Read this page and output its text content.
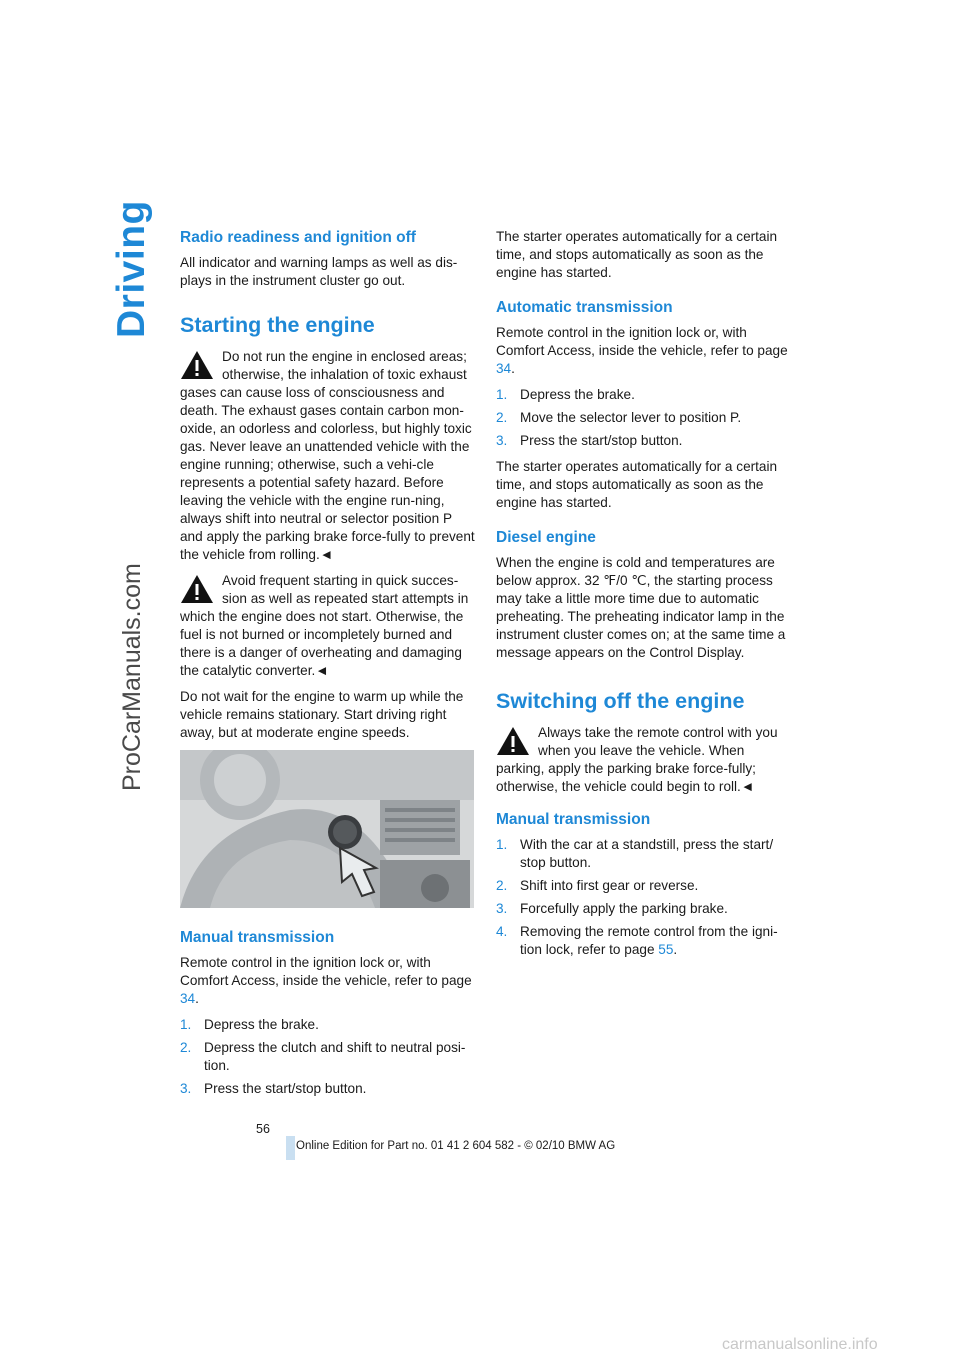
Driving
ProCarManuals.com
Radio readiness and ignition off

All indicator and warning lamps as well as dis-plays in the instrument cluster go out.

Starting the engine

Do not run the engine in enclosed areas; otherwise, the inhalation of toxic exhaust gases can cause loss of consciousness and death. The exhaust gases contain carbon mon-oxide, an odorless and colorless, but highly toxic gas. Never leave an unattended vehicle with the engine running; otherwise, such a vehi-cle represents a potential safety hazard. Before leaving the vehicle with the engine run-ning, always shift into neutral or selector position P and apply the parking brake force-fully to prevent the vehicle from rolling.◄

Avoid frequent starting in quick succes-sion as well as repeated start attempts in which the engine does not start. Otherwise, the fuel is not burned or incompletely burned and there is a danger of overheating and damaging the catalytic converter.◄

Do not wait for the engine to warm up while the vehicle remains stationary. Start driving right away, but at moderate engine speeds.

Manual transmission

Remote control in the ignition lock or, with Comfort Access, inside the vehicle, refer to page 34.

1. Depress the brake.
2. Depress the clutch and shift to neutral posi-tion.
3. Press the start/stop button.

The starter operates automatically for a certain time, and stops automatically as soon as the engine has started.

Automatic transmission

Remote control in the ignition lock or, with Comfort Access, inside the vehicle, refer to page 34.

1. Depress the brake.
2. Move the selector lever to position P.
3. Press the start/stop button.

The starter operates automatically for a certain time, and stops automatically as soon as the engine has started.

Diesel engine

When the engine is cold and temperatures are below approx. 32 ℉/0 ℃, the starting process may take a little more time due to automatic preheating. The preheating indicator lamp in the instrument cluster comes on; at the same time a message appears on the Control Display.

Switching off the engine

Always take the remote control with you when you leave the vehicle. When parking, apply the parking brake force-fully; otherwise, the vehicle could begin to roll.◄

Manual transmission
1. With the car at a standstill, press the start/ stop button.
2. Shift into first gear or reverse.
3. Forcefully apply the parking brake.
4. Removing the remote control from the igni-tion lock, refer to page 55.
56
Online Edition for Part no. 01 41 2 604 582 - © 02/10 BMW AG
carmanualsonline.info
